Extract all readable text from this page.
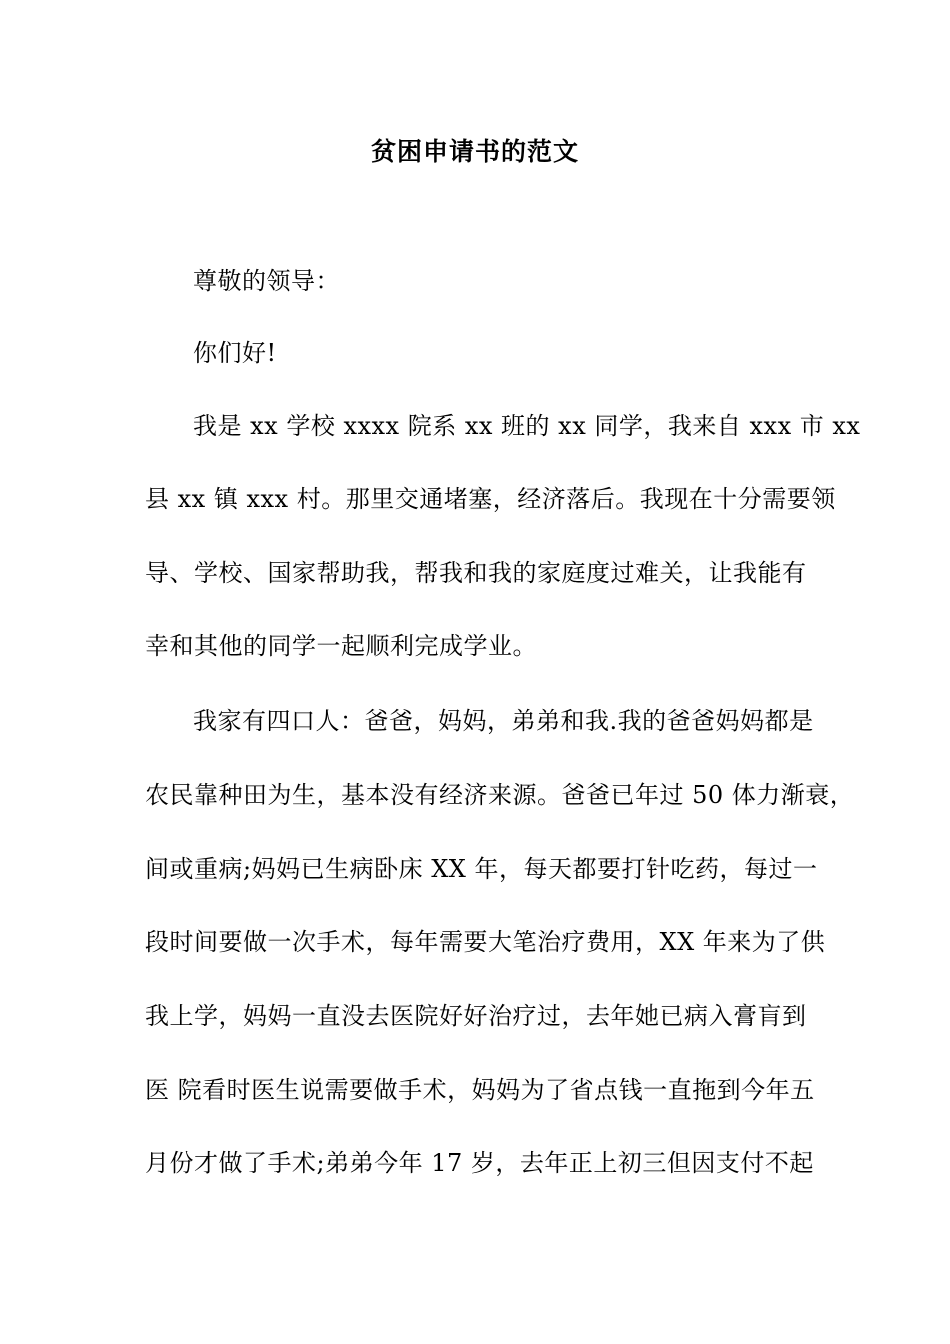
贫困申请书的范文
尊敬的领导：
你们好!
我是 xx 学校 xxxx 院系 xx 班的 xx 同学，我来自 xxx 市 xx
县 xx 镇 xxx 村。那里交通堵塞，经济落后。我现在十分需要领
导、学校、国家帮助我，帮我和我的家庭度过难关，让我能有
幸和其他的同学一起顺利完成学业。
我家有四口人：爸爸，妈妈，弟弟和我.我的爸爸妈妈都是
农民靠种田为生，基本没有经济来源。爸爸已年过 50 体力渐衰，
间或重病;妈妈已生病卧床 XX 年，每天都要打针吃药，每过一
段时间要做一次手术，每年需要大笔治疗费用，XX 年来为了供
我上学，妈妈一直没去医院好好治疗过，去年她已病入膏肓到
医 院看时医生说需要做手术，妈妈为了省点钱一直拖到今年五
月份才做了手术;弟弟今年 17 岁，去年正上初三但因支付不起
